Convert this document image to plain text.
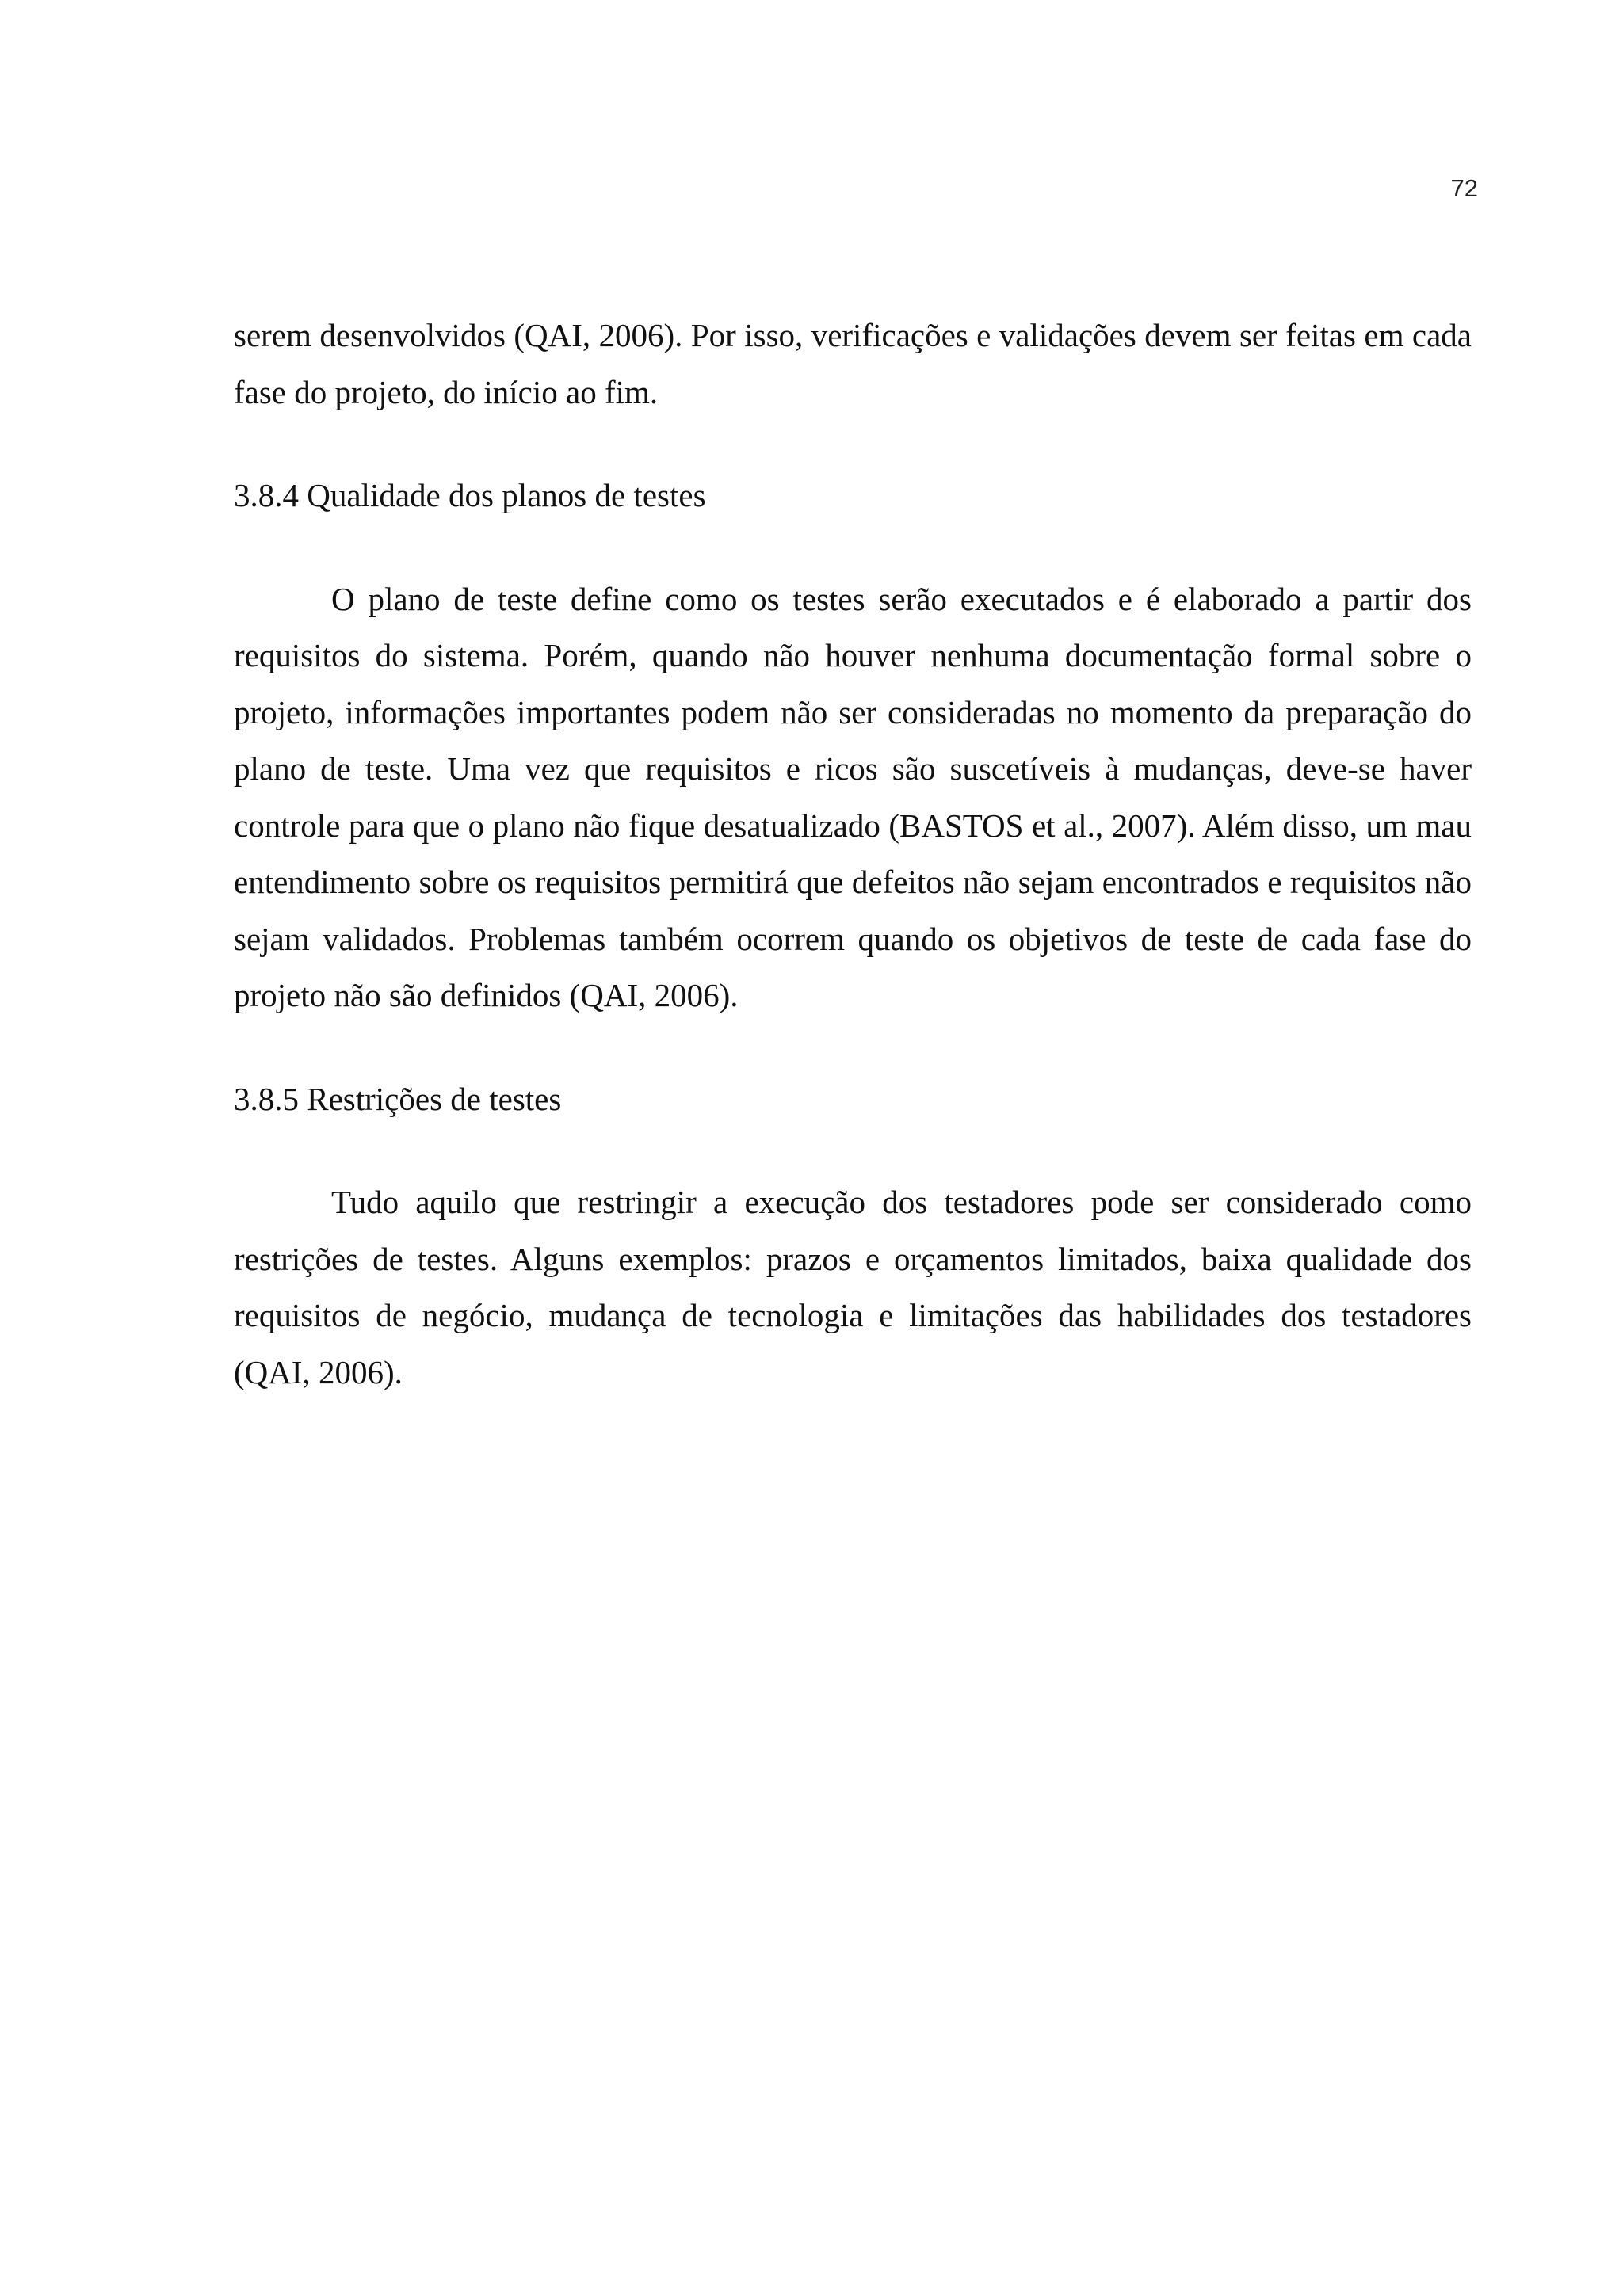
72

serem desenvolvidos (QAI, 2006). Por isso, verificações e validações devem ser feitas em cada fase do projeto, do início ao fim.

3.8.4 Qualidade dos planos de testes

O plano de teste define como os testes serão executados e é elaborado a partir dos requisitos do sistema. Porém, quando não houver nenhuma documentação formal sobre o projeto, informações importantes podem não ser consideradas no momento da preparação do plano de teste. Uma vez que requisitos e ricos são suscetíveis à mudanças, deve-se haver controle para que o plano não fique desatualizado (BASTOS et al., 2007). Além disso, um mau entendimento sobre os requisitos permitirá que defeitos não sejam encontrados e requisitos não sejam validados. Problemas também ocorrem quando os objetivos de teste de cada fase do projeto não são definidos (QAI, 2006).

3.8.5 Restrições de testes

Tudo aquilo que restringir a execução dos testadores pode ser considerado como restrições de testes. Alguns exemplos: prazos e orçamentos limitados, baixa qualidade dos requisitos de negócio, mudança de tecnologia e limitações das habilidades dos testadores (QAI, 2006).
